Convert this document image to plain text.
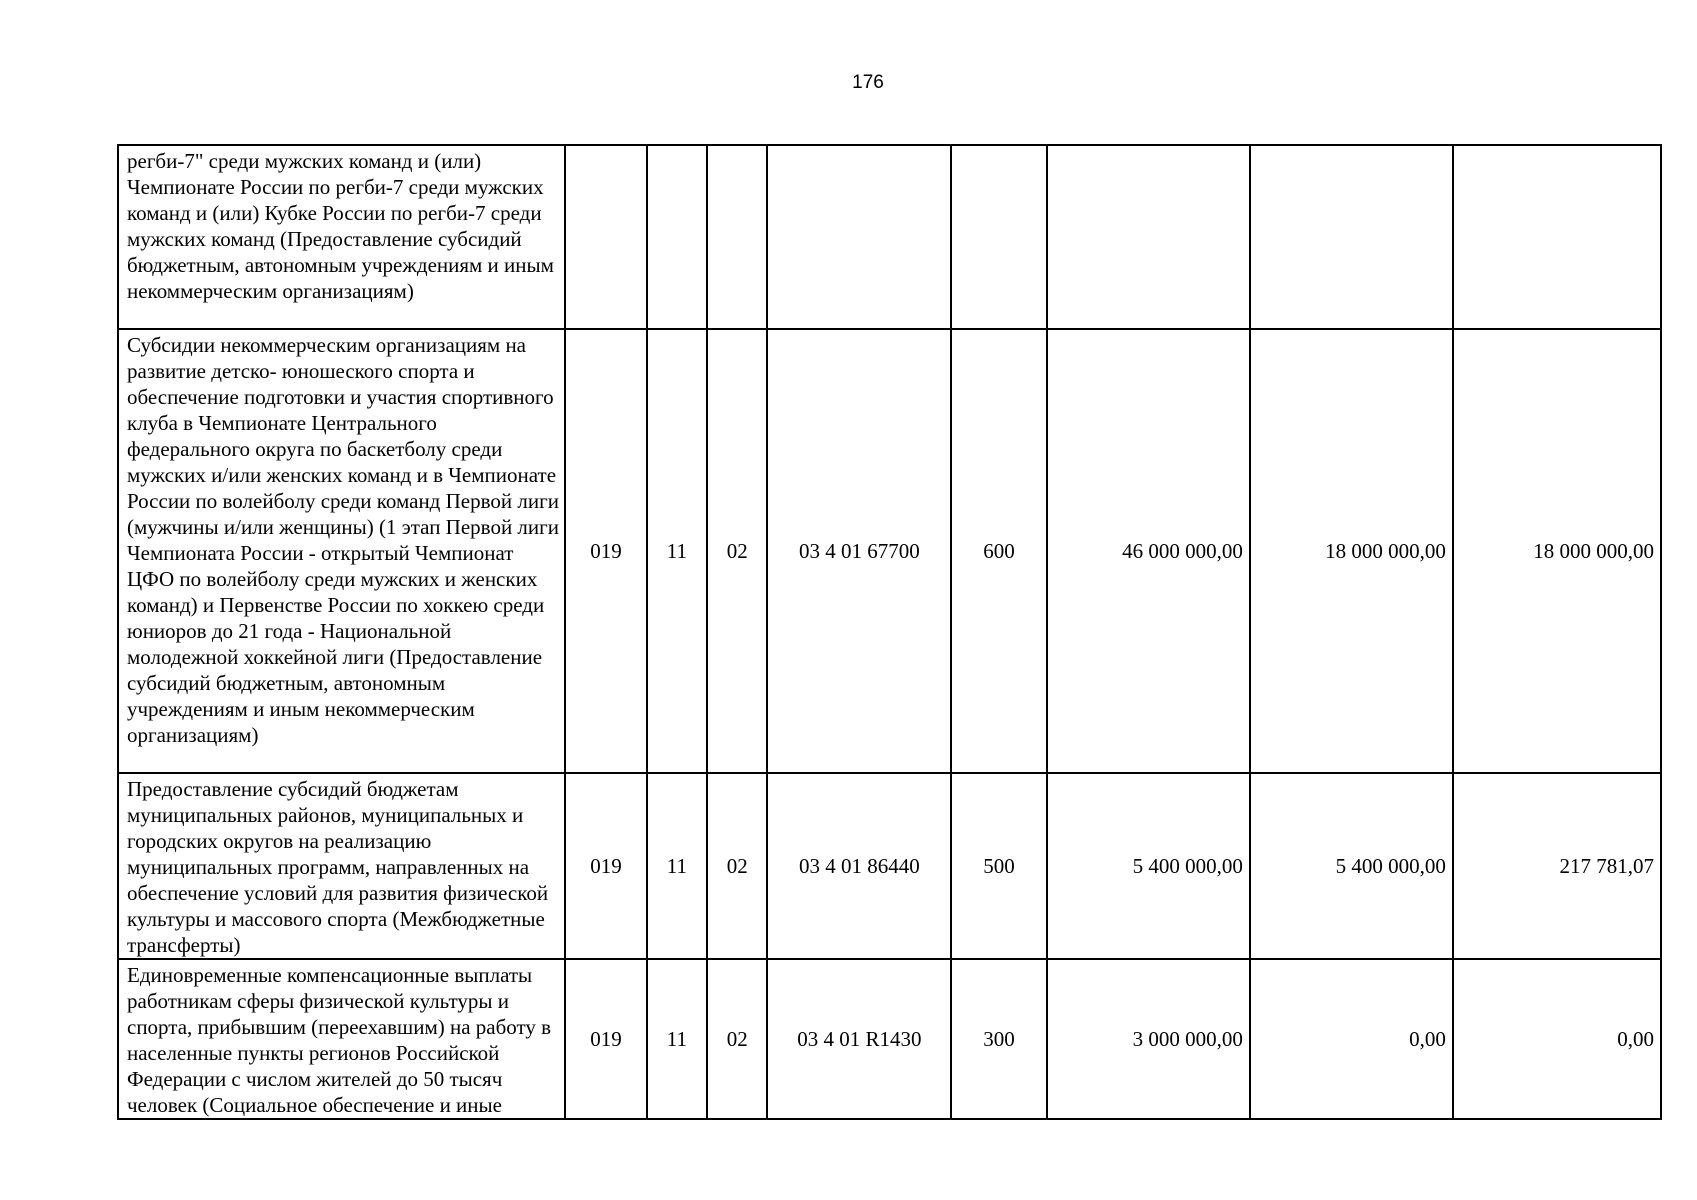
176
регби-7" среди мужских команд и (или) Чемпионате России по регби-7 среди мужских команд и (или) Кубке России по регби-7 среди мужских команд (Предоставление субсидий бюджетным, автономным учреждениям и иным некоммерческим организациям)								
Субсидии некоммерческим организациям на развитие детско- юношеского спорта и обеспечение подготовки и участия спортивного клуба в Чемпионате Центрального федерального округа по баскетболу среди мужских и/или женских команд и в Чемпионате России по волейболу среди команд Первой лиги (мужчины и/или женщины) (1 этап Первой лиги Чемпионата России - открытый Чемпионат ЦФО по волейболу среди мужских и женских команд) и Первенстве России по хоккею среди юниоров до 21 года - Национальной молодежной хоккейной лиги (Предоставление субсидий бюджетным, автономным учреждениям и иным некоммерческим организациям)	019	11	02	03 4 01 67700	600	46 000 000,00	18 000 000,00	18 000 000,00
Предоставление субсидий бюджетам муниципальных районов, муниципальных и городских округов на реализацию муниципальных программ, направленных на обеспечение условий для развития физической культуры и массового спорта (Межбюджетные трансферты)	019	11	02	03 4 01 86440	500	5 400 000,00	5 400 000,00	217 781,07
Единовременные компенсационные выплаты работникам сферы физической культуры и спорта, прибывшим (переехавшим) на работу в населенные пункты регионов Российской Федерации с числом жителей до 50 тысяч человек (Социальное обеспечение и иные	019	11	02	03 4 01 R1430	300	3 000 000,00	0,00	0,00
